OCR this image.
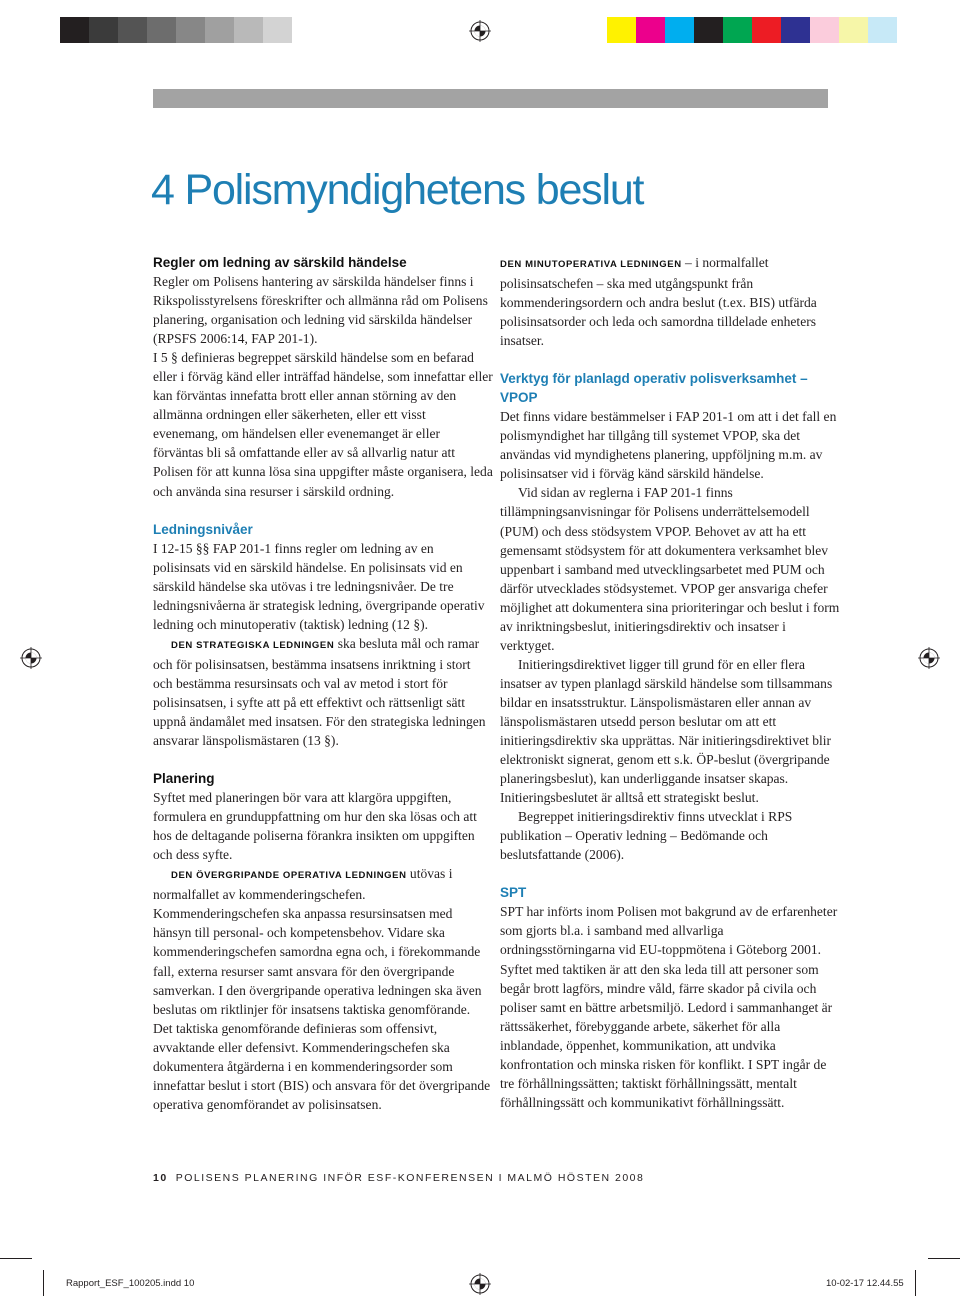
4 Polismyndighetens beslut
Regler om ledning av särskild händelse

Regler om Polisens hantering av särskilda händelser finns i Rikspolisstyrelsens föreskrifter och allmänna råd om Polisens planering, organisation och ledning vid särskilda händelser (RPSFS 2006:14, FAP 201-1).

I 5 § definieras begreppet särskild händelse som en befarad eller i förväg känd eller inträffad händelse, som innefattar eller kan förväntas innefatta brott eller annan störning av den allmänna ordningen eller säkerheten, eller ett visst evenemang, om händelsen eller evenemanget är eller förväntas bli så omfattande eller av så allvarlig natur att Polisen för att kunna lösa sina uppgifter måste organisera, leda och använda sina resurser i särskild ordning.

Ledningsnivåer

I 12-15 §§ FAP 201-1 finns regler om ledning av en polisinsats vid en särskild händelse. En polisinsats vid en särskild händelse ska utövas i tre ledningsnivåer. De tre ledningsnivåerna är strategisk ledning, övergripande operativ ledning och minutoperativ (taktisk) ledning (12 §).

DEN STRATEGISKA LEDNINGEN ska besluta mål och ramar och för polisinsatsen, bestämma insatsens inriktning i stort och bestämma resursinsats och val av metod i stort för polisinsatsen, i syfte att på ett effektivt och rättsenligt sätt uppnå ändamålet med insatsen. För den strategiska ledningen ansvarar länspolismästaren (13 §).

Planering

Syftet med planeringen bör vara att klargöra uppgiften, formulera en grunduppfattning om hur den ska lösas och att hos de deltagande poliserna förankra insikten om uppgiften och dess syfte.

DEN ÖVERGRIPANDE OPERATIVA LEDNINGEN utövas i normalfallet av kommenderingschefen. Kommenderingschefen ska anpassa resursinsatsen med hänsyn till personal- och kompetensbehov. Vidare ska kommenderingschefen samordna egna och, i förekommande fall, externa resurser samt ansvara för den övergripande samverkan. I den övergripande operativa ledningen ska även beslutas om riktlinjer för insatsens taktiska genomförande. Det taktiska genomförande definieras som offensivt, avvaktande eller defensivt. Kommenderingschefen ska dokumentera åtgärderna i en kommenderingsorder som innefattar beslut i stort (BIS) och ansvara för det övergripande operativa genomförandet av polisinsatsen.

DEN MINUTOPERATIVA LEDNINGEN – i normalfallet polisinsatschefen – ska med utgångspunkt från kommenderingsordern och andra beslut (t.ex. BIS) utfärda polisinsatsorder och leda och samordna tilldelade enheters insatser.

Verktyg för planlagd operativ polisverksamhet – VPOP

Det finns vidare bestämmelser i FAP 201-1 om att i det fall en polismyndighet har tillgång till systemet VPOP, ska det användas vid myndighetens planering, uppföljning m.m. av polisinsatser vid i förväg känd särskild händelse.

Vid sidan av reglerna i FAP 201-1 finns tillämpningsanvisningar för Polisens underrättelsemodell (PUM) och dess stödsystem VPOP. Behovet av att ha ett gemensamt stödsystem för att dokumentera verksamhet blev uppenbart i samband med utvecklingsarbetet med PUM och därför utvecklades stödsystemet. VPOP ger ansvariga chefer möjlighet att dokumentera sina prioriteringar och beslut i form av inriktningsbeslut, initieringsdirektiv och insatser i verktyget.

Initieringsdirektivet ligger till grund för en eller flera insatser av typen planlagd särskild händelse som tillsammans bildar en insatsstruktur. Länspolismästaren eller annan av länspolismästaren utsedd person beslutar om att ett initieringsdirektiv ska upprättas. När initieringsdirektivet blir elektroniskt signerat, genom ett s.k. ÖP-beslut (övergripande planeringsbeslut), kan underliggande insatser skapas. Initieringsbeslutet är alltså ett strategiskt beslut.

Begreppet initieringsdirektiv finns utvecklat i RPS publikation – Operativ ledning – Bedömande och beslutsfattande (2006).

SPT

SPT har införts inom Polisen mot bakgrund av de erfarenheter som gjorts bl.a. i samband med allvarliga ordningsstörningarna vid EU-toppmötena i Göteborg 2001. Syftet med taktiken är att den ska leda till att personer som begår brott lagförs, mindre våld, färre skador på civila och poliser samt en bättre arbetsmiljö. Ledord i sammanhanget är rättssäkerhet, förebyggande arbete, säkerhet för alla inblandade, öppenhet, kommunikation, att undvika konfrontation och minska risken för konflikt. I SPT ingår de tre förhållningssätten; taktiskt förhållningssätt, mentalt förhållningssätt och kommunikativt förhållningssätt.

10 POLISENS PLANERING INFÖR ESF-KONFERENSEN I MALMÖ HÖSTEN 2008
Rapport_ESF_100205.indd 10	10-02-17 12.44.55
